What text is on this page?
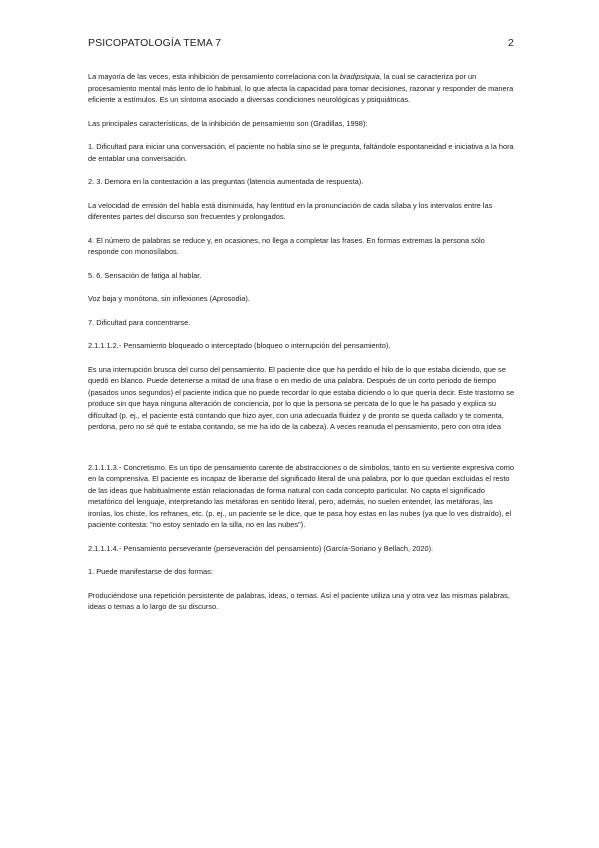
PSICOPATOLOGÍA TEMA 7	2

La mayoría de las veces, esta inhibición de pensamiento correlaciona con la bradipsiquia, la cual se caracteriza por un procesamiento mental más lento de lo habitual, lo que afecta la capacidad para tomar decisiones, razonar y responder de manera eficiente a estímulos. Es un síntoma asociado a diversas condiciones neurológicas y psiquiátricas.

Las principales características, de la inhibición de pensamiento son (Gradillas, 1998):

1. Dificultad para iniciar una conversación, el paciente no habla sino se le pregunta, faltándole espontaneidad e iniciativa a la hora de entablar una conversación.

2. 3. Demora en la contestación a las preguntas (latencia aumentada de respuesta).

La velocidad de emisión del habla está disminuida, hay lentitud en la pronunciación de cada sílaba y los intervalos entre las diferentes partes del discurso son frecuentes y prolongados.

4. El número de palabras se reduce y, en ocasiones, no llega a completar las frases. En formas extremas la persona sólo responde con monosílabos.

5. 6. Sensación de fatiga al hablar.

Voz baja y monótona, sin inflexiones (Aprosodia).

7. Dificultad para concentrarse.

2.1.1.1.2.- Pensamiento bloqueado o interceptado (bloqueo o interrupción del pensamiento).

Es una interrupción brusca del curso del pensamiento. El paciente dice que ha perdido el hilo de lo que estaba diciendo, que se quedó en blanco. Puede detenerse a mitad de una frase o en medio de una palabra. Después de un corto periodo de tiempo (pasados unos segundos) el paciente indica que no puede recordar lo que estaba diciendo o lo que quería decir. Este trastorno se produce sin que haya ninguna alteración de conciencia, por lo que la persona se percata de lo que le ha pasado y explica su dificultad (p. ej., el paciente está contando que hizo ayer, con una adecuada fluidez y de pronto se queda callado y te comenta, perdona, pero no sé qué te estaba contando, se me ha ido de la cabeza). A veces reanuda el pensamiento, pero con otra idea

2.1.1.1.3.- Concretismo. Es un tipo de pensamiento carente de abstracciones o de símbolos, tanto en su vertiente expresiva como en la comprensiva. El paciente es incapaz de liberarse del significado literal de una palabra, por lo que quedan excluidas el resto de las ideas que habitualmente están relacionadas de forma natural con cada concepto particular. No capta el significado metafórico del lenguaje, interpretando las metáforas en sentido literal, pero, además, no suelen entender, las metáforas, las ironías, los chiste, los refranes, etc. (p. ej., un paciente se le dice, que te pasa hoy estas en las nubes (ya que lo ves distraído), el paciente contesta: "no estoy sentado en la silla, no en las nubes").

2.1.1.1.4.- Pensamiento perseverante (perseveración del pensamiento) (García-Soriano y Bellach, 2020).

1. Puede manifestarse de dos formas:

Produciéndose una repetición persistente de palabras, ideas, o temas. Así el paciente utiliza una y otra vez las mismas palabras, ideas o temas a lo largo de su discurso.
